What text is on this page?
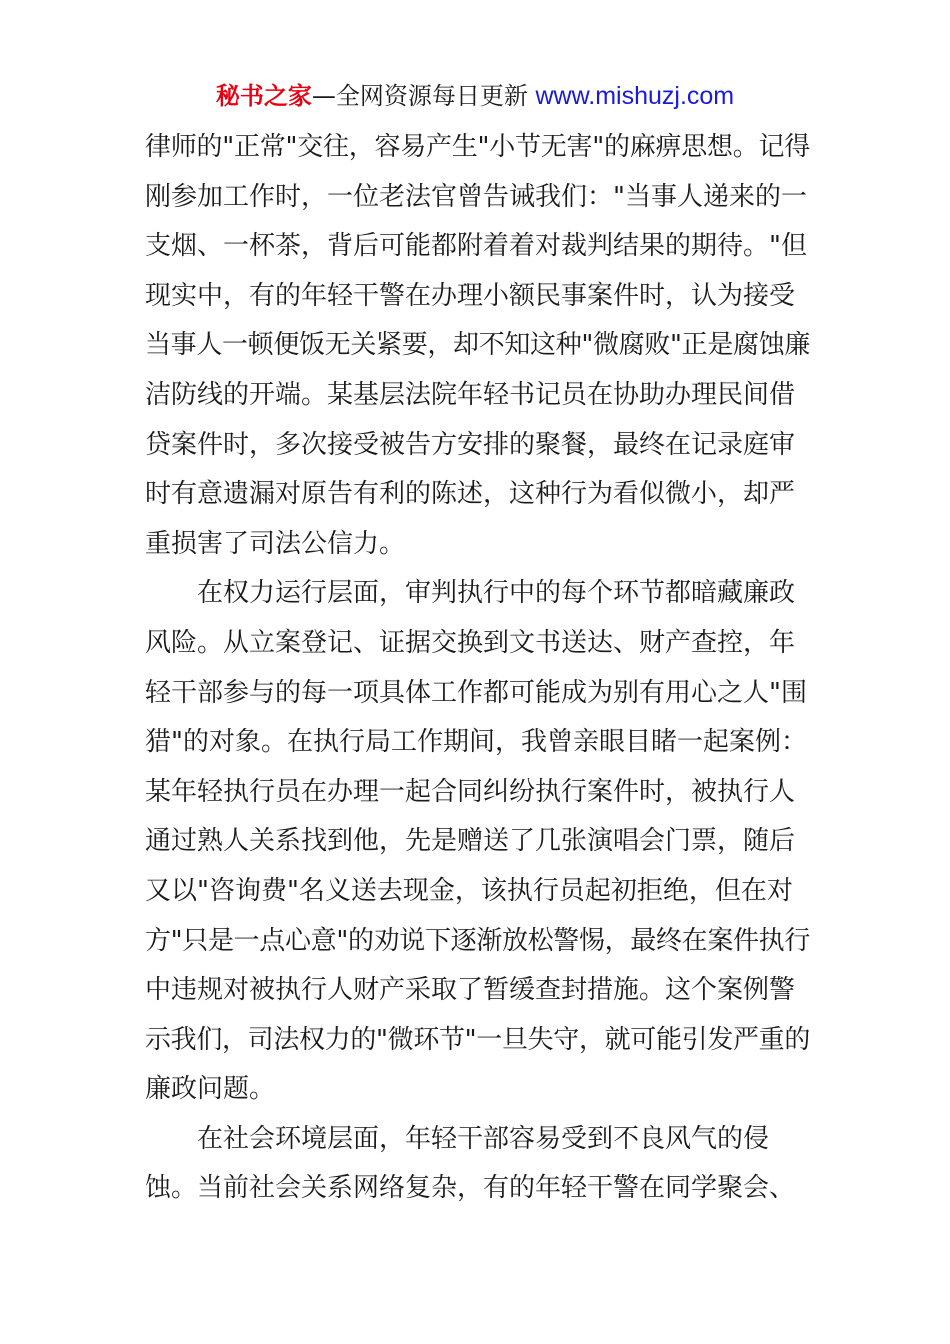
秘书之家—全网资源每日更新 www.mishuzj.com
律师的"正常"交往，容易产生"小节无害"的麻痹思想。记得
刚参加工作时，一位老法官曾告诫我们："当事人递来的一
支烟、一杯茶，背后可能都附着着对裁判结果的期待。"但
现实中，有的年轻干警在办理小额民事案件时，认为接受
当事人一顿便饭无关紧要，却不知这种"微腐败"正是腐蚀廉
洁防线的开端。某基层法院年轻书记员在协助办理民间借
贷案件时，多次接受被告方安排的聚餐，最终在记录庭审
时有意遗漏对原告有利的陈述，这种行为看似微小，却严
重损害了司法公信力。
在权力运行层面，审判执行中的每个环节都暗藏廉政
风险。从立案登记、证据交换到文书送达、财产查控，年
轻干部参与的每一项具体工作都可能成为别有用心之人"围
猎"的对象。在执行局工作期间，我曾亲眼目睹一起案例：
某年轻执行员在办理一起合同纠纷执行案件时，被执行人
通过熟人关系找到他，先是赠送了几张演唱会门票，随后
又以"咨询费"名义送去现金，该执行员起初拒绝，但在对
方"只是一点心意"的劝说下逐渐放松警惕，最终在案件执行
中违规对被执行人财产采取了暂缓查封措施。这个案例警
示我们，司法权力的"微环节"一旦失守，就可能引发严重的
廉政问题。
在社会环境层面，年轻干部容易受到不良风气的侵
蚀。当前社会关系网络复杂，有的年轻干警在同学聚会、
